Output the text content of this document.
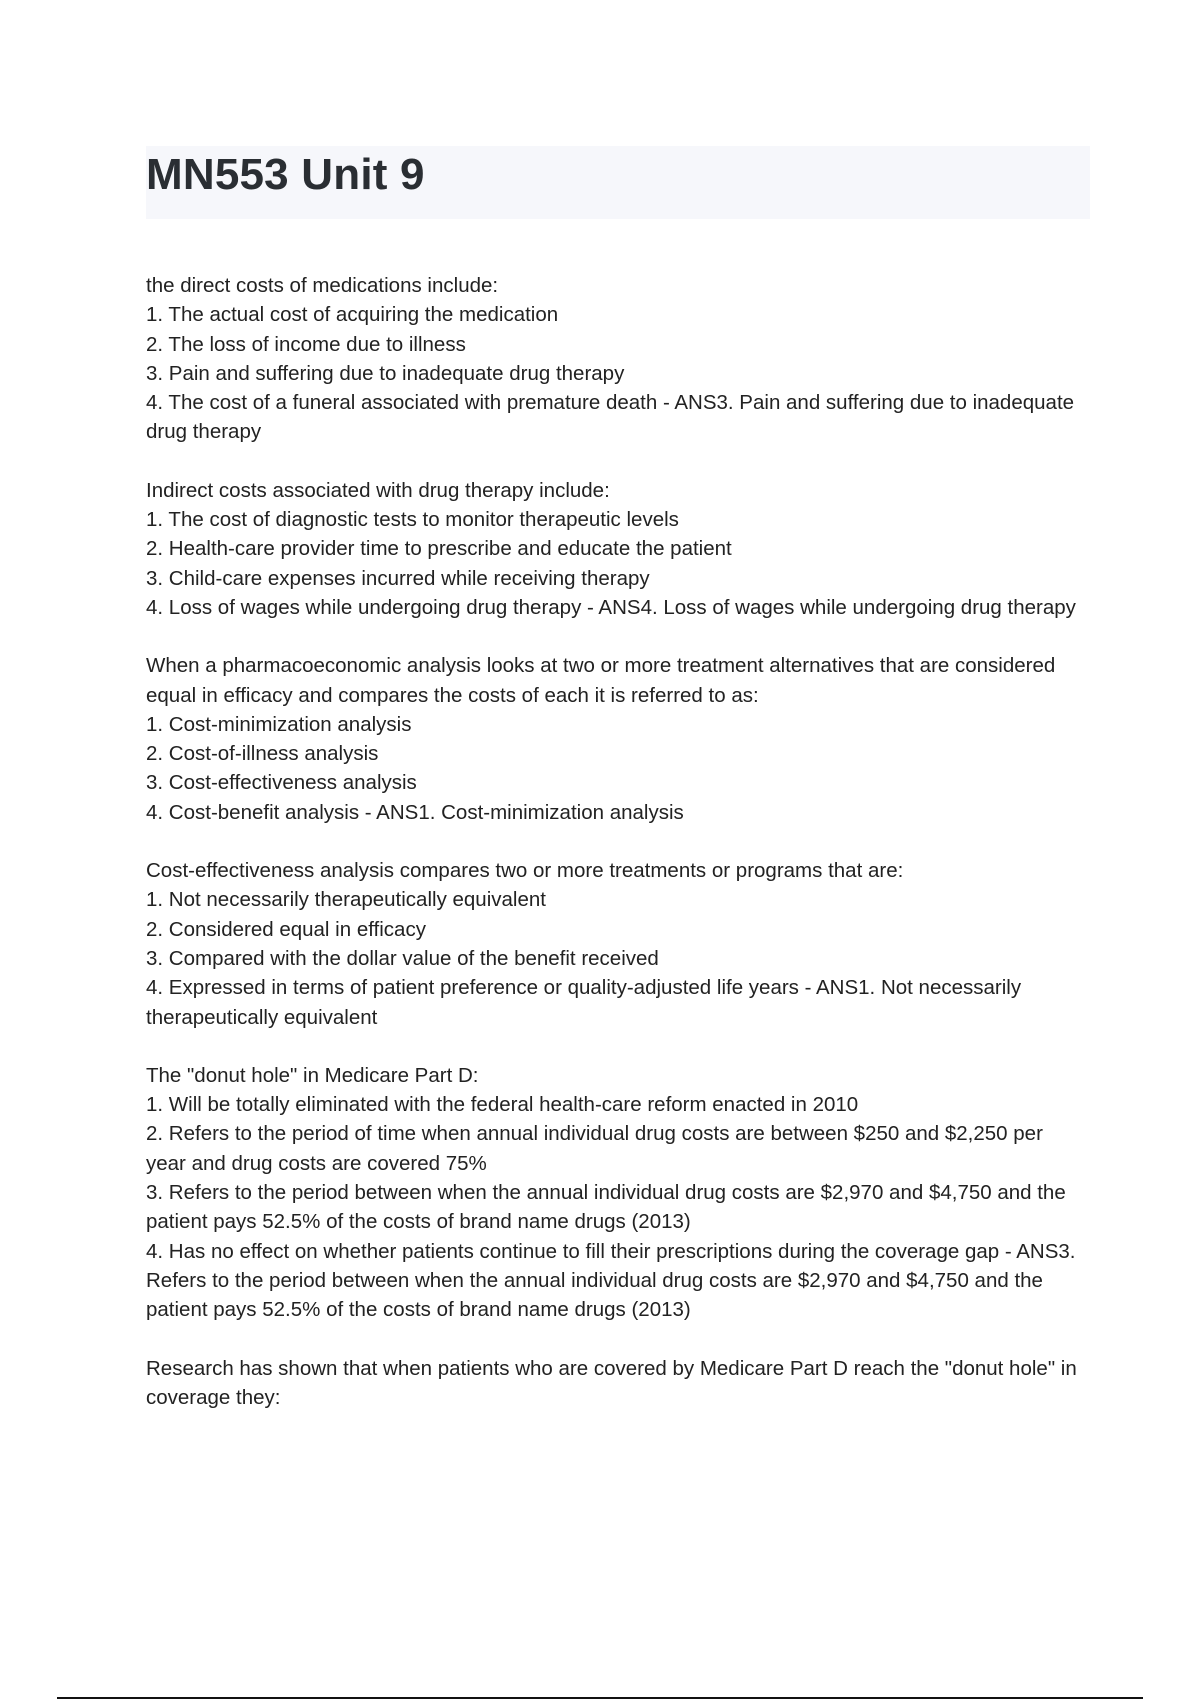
MN553 Unit 9

the direct costs of medications include:

1. The actual cost of acquiring the medication

2. The loss of income due to illness

3. Pain and suffering due to inadequate drug therapy

4. The cost of a funeral associated with premature death - ANS3. Pain and suffering due to inadequate drug therapy

Indirect costs associated with drug therapy include:

1. The cost of diagnostic tests to monitor therapeutic levels

2. Health-care provider time to prescribe and educate the patient

3. Child-care expenses incurred while receiving therapy

4. Loss of wages while undergoing drug therapy - ANS4. Loss of wages while undergoing drug therapy

When a pharmacoeconomic analysis looks at two or more treatment alternatives that are considered equal in efficacy and compares the costs of each it is referred to as:

1. Cost-minimization analysis

2. Cost-of-illness analysis

3. Cost-effectiveness analysis

4. Cost-benefit analysis - ANS1. Cost-minimization analysis

Cost-effectiveness analysis compares two or more treatments or programs that are:

1. Not necessarily therapeutically equivalent

2. Considered equal in efficacy

3. Compared with the dollar value of the benefit received

4. Expressed in terms of patient preference or quality-adjusted life years - ANS1. Not necessarily therapeutically equivalent

The "donut hole" in Medicare Part D:

1. Will be totally eliminated with the federal health-care reform enacted in 2010

2. Refers to the period of time when annual individual drug costs are between $250 and $2,250 per year and drug costs are covered 75%

3. Refers to the period between when the annual individual drug costs are $2,970 and $4,750 and the patient pays 52.5% of the costs of brand name drugs (2013)

4. Has no effect on whether patients continue to fill their prescriptions during the coverage gap - ANS3. Refers to the period between when the annual individual drug costs are $2,970 and $4,750 and the patient pays 52.5% of the costs of brand name drugs (2013)

Research has shown that when patients who are covered by Medicare Part D reach the "donut hole" in coverage they:
